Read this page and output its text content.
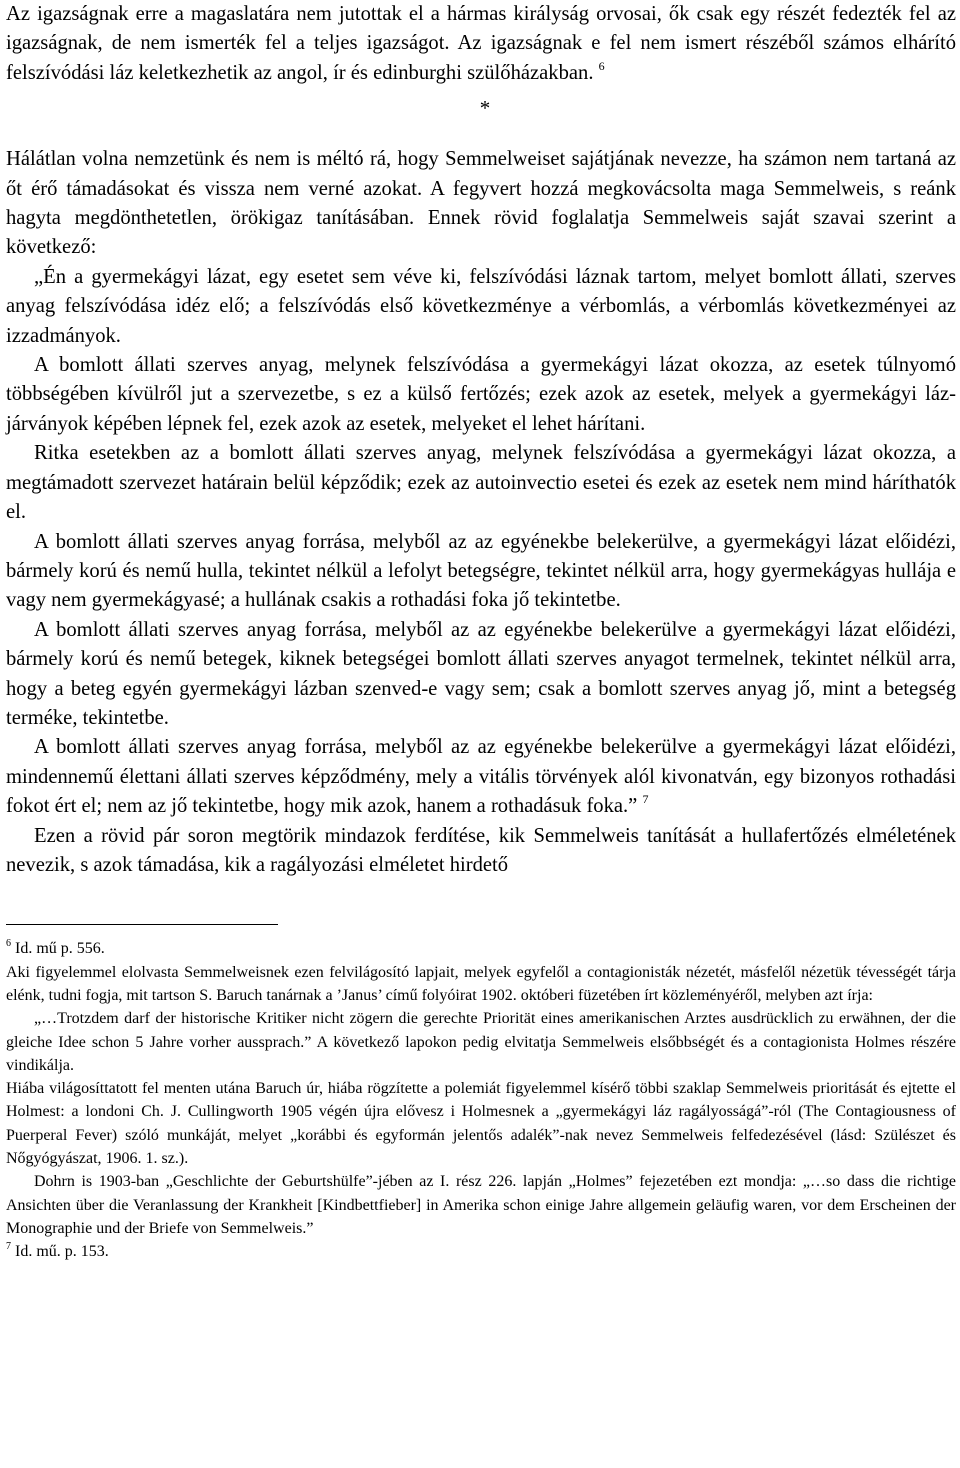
Az igazságnak erre a magaslatára nem jutottak el a hármas királyság orvosai, ők csak egy részét fedezték fel az igazságnak, de nem ismerték fel a teljes igazságot. Az igazságnak e fel nem ismert részéből számos elhárító felszívódási láz keletkezhetik az angol, ír és edinburghi szülőházakban. $^6$

*

Hálátlan volna nemzetünk és nem is méltó rá, hogy Semmelweiset sajátjának nevezze, ha számon nem tartaná az őt érő támadásokat és vissza nem verné azokat. A fegyvert hozzá megkovácsolta maga Semmelweis, s reánk hagyta megdönthetetlen, örökigaz tanításában. Ennek rövid foglalatja Semmelweis saját szavai szerint a következő:

„Én a gyermekágyi lázat, egy esetet sem véve ki, felszívódási láznak tartom, melyet bomlott állati, szerves anyag felszívódása idéz elő; a felszívódás első következménye a vérbomlás, a vérbomlás következményei az izzadmányok.

A bomlott állati szerves anyag, melynek felszívódása a gyermekágyi lázat okozza, az esetek túlnyomó többségében kívülről jut a szervezetbe, s ez a külső fertőzés; ezek azok az esetek, melyek a gyermekágyi láz-járványok képében lépnek fel, ezek azok az esetek, melyeket el lehet hárítani.

Ritka esetekben az a bomlott állati szerves anyag, melynek felszívódása a gyermekágyi lázat okozza, a megtámadott szervezet határain belül képződik; ezek az autoinvectio esetei és ezek az esetek nem mind háríthatók el.

A bomlott állati szerves anyag forrása, melyből az az egyénekbe belekerülve, a gyermekágyi lázat előidézi, bármely korú és nemű hulla, tekintet nélkül a lefolyt betegségre, tekintet nélkül arra, hogy gyermekágyas hullája e vagy nem gyermekágyasé; a hullának csakis a rothadási foka jő tekintetbe.

A bomlott állati szerves anyag forrása, melyből az az egyénekbe belekerülve a gyermekágyi lázat előidézi, bármely korú és nemű betegek, kiknek betegségei bomlott állati szerves anyagot termelnek, tekintet nélkül arra, hogy a beteg egyén gyermekágyi lázban szenved-e vagy sem; csak a bomlott szerves anyag jő, mint a betegség terméke, tekintetbe.

A bomlott állati szerves anyag forrása, melyből az az egyénekbe belekerülve a gyermekágyi lázat előidézi, mindennemű élettani állati szerves képződmény, mely a vitális törvények alól kivonatván, egy bizonyos rothadási fokot ért el; nem az jő tekintetbe, hogy mik azok, hanem a rothadásuk foka.” $^7$

Ezen a rövid pár soron megtörik mindazok ferdítése, kik Semmelweis tanítását a hullafertőzés elméletének nevezik, s azok támadása, kik a ragályozási elméletet hirdető

$^6$ Id. mű p. 556.

Aki figyelemmel elolvasta Semmelweisnek ezen felvilágosító lapjait, melyek egyfelől a contagionisták nézetét, másfelől nézetük tévességét tárja elénk, tudni fogja, mit tartson S. Baruch tanárnak a ’Janus’ című folyóirat 1902. októberi füzetében írt közleményéről, melyben azt írja:

„…Trotzdem darf der historische Kritiker nicht zögern die gerechte Priorität eines amerikanischen Arztes ausdrücklich zu erwähnen, der die gleiche Idee schon 5 Jahre vorher aussprach.” A következő lapokon pedig elvitatja Semmelweis elsőbbségét és a contagionista Holmes részére vindikálja.

Hiába világosíttatott fel menten utána Baruch úr, hiába rögzítette a polemiát figyelemmel kísérő többi szaklap Semmelweis prioritását és ejtette el Holmest: a londoni Ch. J. Cullingworth 1905 végén újra elővesz i Holmesnek a „gyermekágyi láz ragályosságá”-ról (The Contagiousness of Puerperal Fever) szóló munkáját, melyet „korábbi és egyformán jelentős adalék”-nak nevez Semmelweis felfedezésével (lásd: Szülészet és Nőgyógyászat, 1906. 1. sz.).

Dohrn is 1903-ban „Geschlichte der Geburtshülfe”-jében az I. rész 226. lapján „Holmes” fejezetében ezt mondja: „…so dass die richtige Ansichten über die Veranlassung der Krankheit [Kindbettfieber] in Amerika schon einige Jahre allgemein geläufig waren, vor dem Erscheinen der Monographie und der Briefe von Semmelweis.”

$^7$ Id. mű. p. 153.
